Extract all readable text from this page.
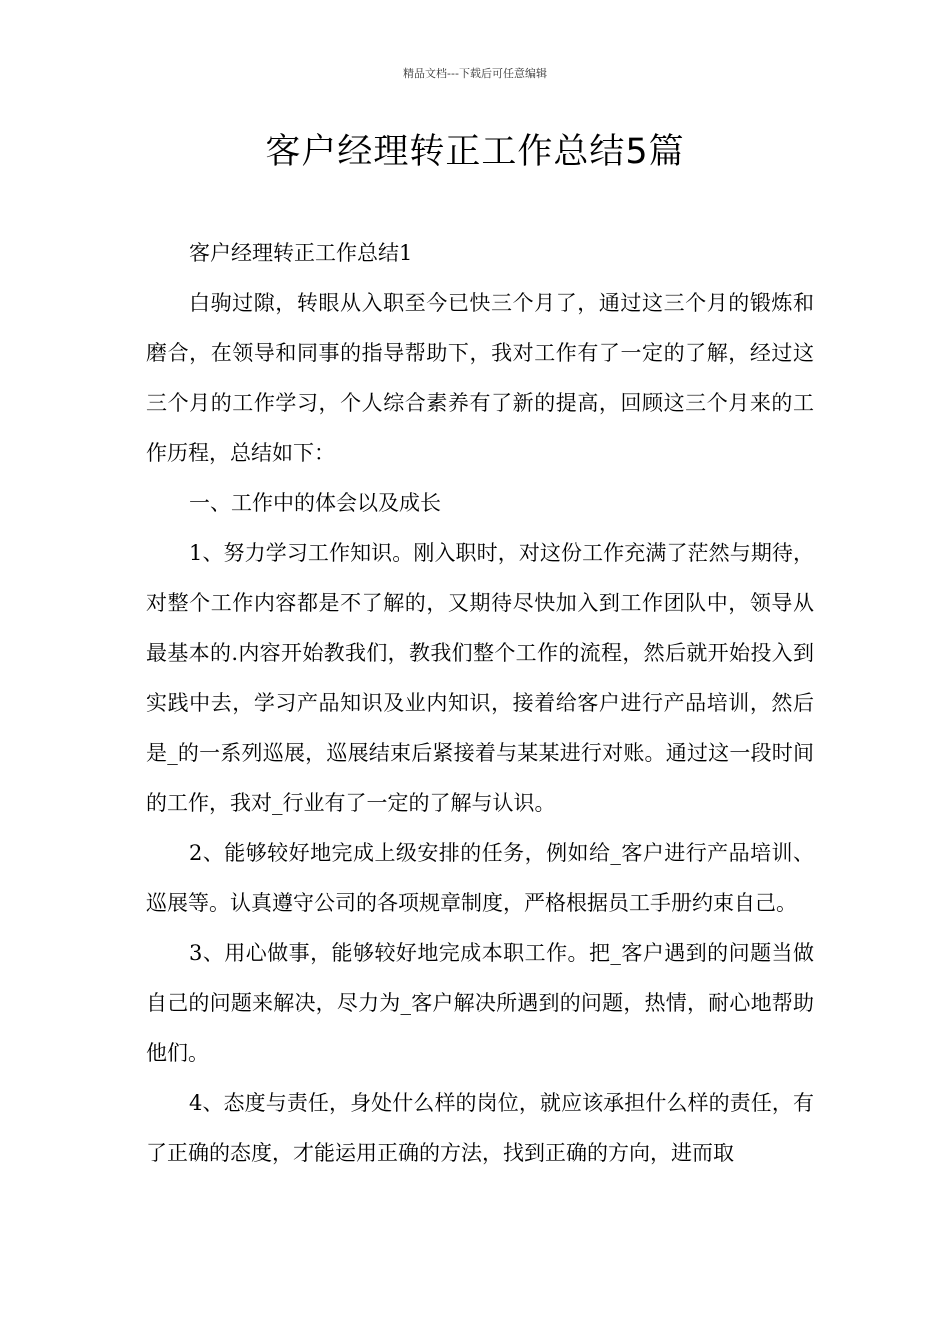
精品文档---下载后可任意编辑
客户经理转正工作总结5篇

客户经理转正工作总结1

白驹过隙，转眼从入职至今已快三个月了，通过这三个月的锻炼和磨合，在领导和同事的指导帮助下，我对工作有了一定的了解，经过这三个月的工作学习，个人综合素养有了新的提高，回顾这三个月来的工作历程，总结如下：

一、工作中的体会以及成长

1、努力学习工作知识。刚入职时，对这份工作充满了茫然与期待，对整个工作内容都是不了解的，又期待尽快加入到工作团队中，领导从最基本的.内容开始教我们，教我们整个工作的流程，然后就开始投入到实践中去，学习产品知识及业内知识，接着给客户进行产品培训，然后是_的一系列巡展，巡展结束后紧接着与某某进行对账。通过这一段时间的工作，我对_行业有了一定的了解与认识。

2、能够较好地完成上级安排的任务，例如给_客户进行产品培训、巡展等。认真遵守公司的各项规章制度，严格根据员工手册约束自己。

3、用心做事，能够较好地完成本职工作。把_客户遇到的问题当做自己的问题来解决，尽力为_客户解决所遇到的问题，热情，耐心地帮助他们。

4、态度与责任，身处什么样的岗位，就应该承担什么样的责任，有了正确的态度，才能运用正确的方法，找到正确的方向，进而取
